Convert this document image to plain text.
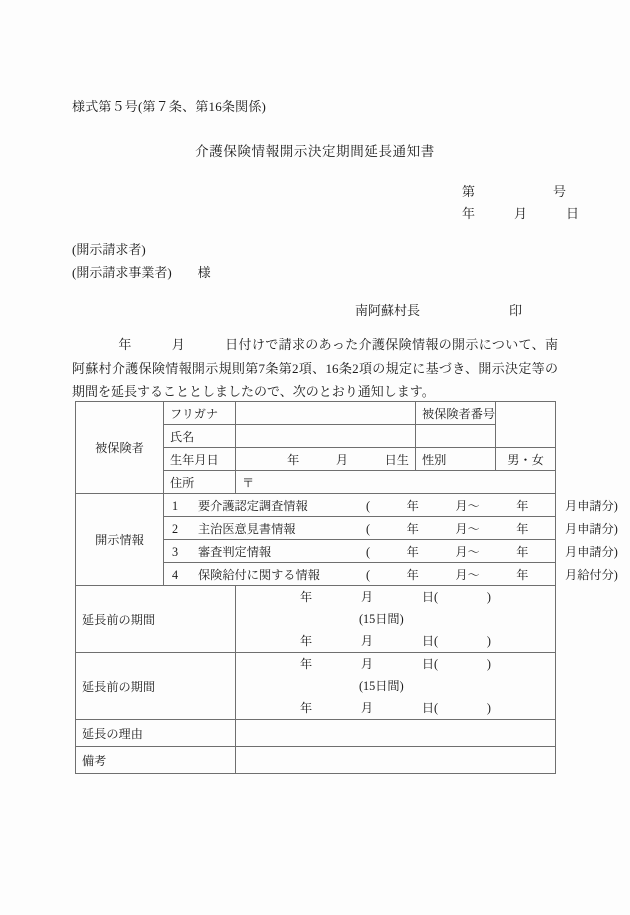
様式第５号(第７条、第16条関係)
介護保険情報開示決定期間延長通知書
第　　　　　　号
年　　　月　　　日
(開示請求者)
(開示請求事業者)　　様
南阿蘇村長	印
年　　　月　　　日付けで請求のあった介護保険情報の開示について、南阿蘇村介護保険情報開示規則第7条第2項、16条2項の規定に基づき、開示決定等の期間を延長することとしましたので、次のとおり通知します。
被保険者	フリガナ		被保険者番号	
	氏名			
	生年月日	年　　　月　　　日生	性別	男・女
	住所	〒		
開示情報	1 要介護認定調査情報 (　　　年　　　月〜　　　年　　　月申請分)			
	2 主治医意見書情報 (　　　年　　　月〜　　　年　　　月申請分)			
	3 審査判定情報 (　　　年　　　月〜　　　年　　　月申請分)			
	4 保険給付に関する情報 (　　　年　　　月〜　　　年　　　月給付分)			
延長前の期間		年　　　　月　　　　日(　　　　)
(15日間)
年　　　　月　　　　日(　　　　)		

延長前の期間		年　　　　月　　　　日(　　　　)
(15日間)
年　　　　月　　　　日(　　　　)		

延長の理由				
備考				
